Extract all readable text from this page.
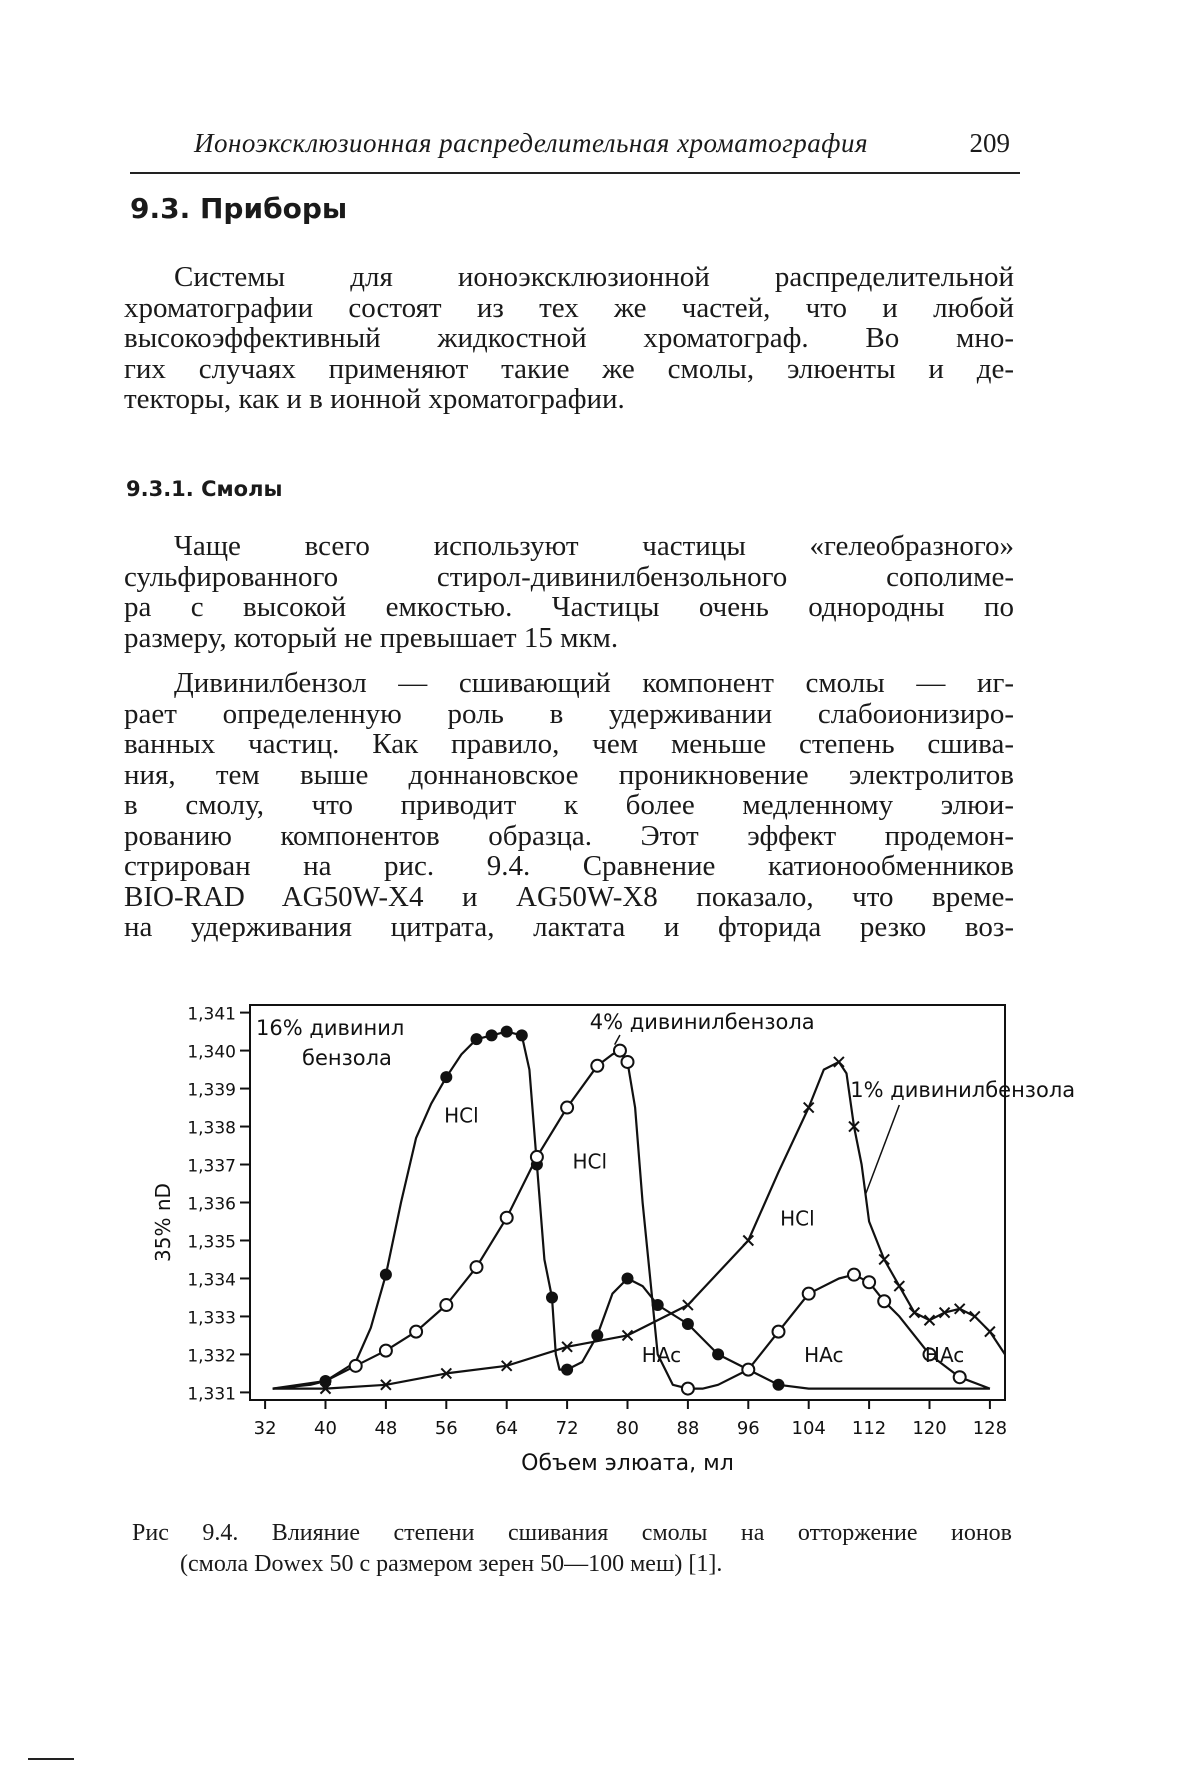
Ионоэксклюзионная распределительная хроматография	209
9.3. Приборы
Системы для ионоэксклюзионной распределительной
хроматографии состоят из тех же частей, что и любой
высокоэффективный жидкостной хроматограф. Во мно-
гих случаях применяют такие же смолы, элюенты и де-
текторы, как и в ионной хроматографии.
9.3.1. Смолы
Чаще всего используют частицы «гелеобразного»
сульфированного стирол-дивинилбензольного сополиме-
ра с высокой емкостью. Частицы очень однородны по
размеру, который не превышает 15 мкм.
Дивинилбензол — сшивающий компонент смолы — иг-
рает определенную роль в удерживании слабоионизиро-
ванных частиц. Как правило, чем меньше степень сшива-
ния, тем выше доннановское проникновение электролитов
в смолу, что приводит к более медленному элюи-
рованию компонентов образца. Этот эффект продемон-
стрирован на рис. 9.4. Сравнение катионообменников
BIO-RAD AG50W-X4 и AG50W-X8 показало, что време-
на удерживания цитрата, лактата и фторида резко воз-
1,331
1,332
1,333
1,334
1,335
1,336
1,337
1,338
1,339
1,340
1,341
32 40 48 56 64 72 80 88 96 104 112 120 128
Объем элюата, мл
35% nD
16% дивинил
бензола
4% дивинилбензола
1% дивинилбензола
HCl
HCl
HCl
HAc	HAc	HAc
Рис 9.4. Влияние степени сшивания смолы на отторжение ионов
(смола Dowex 50 с размером зерен 50—100 меш) [1].
